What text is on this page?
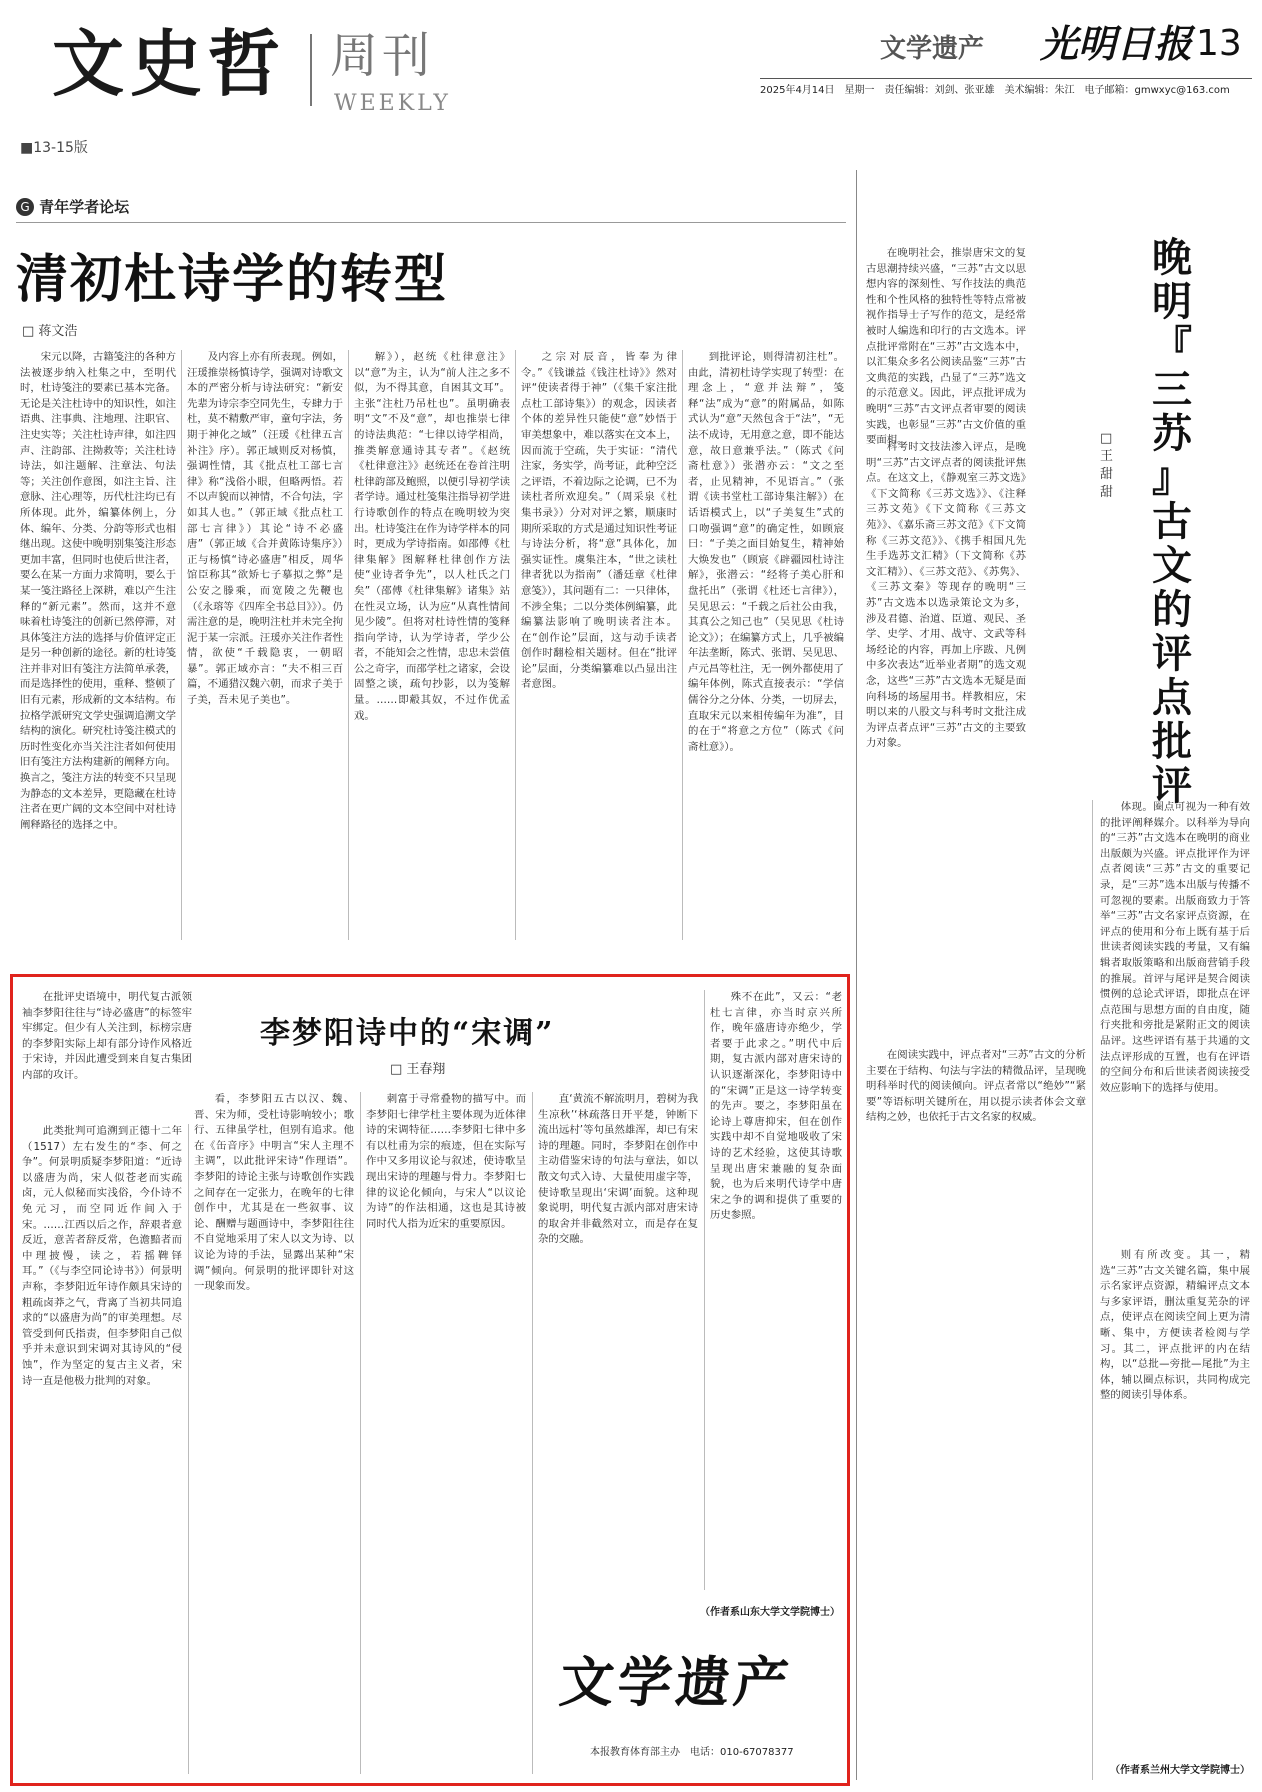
文史哲 周刊
WEEKLY
■13-15版
文学遗产 光明日报 13
2025年4月14日　星期一　责任编辑：刘剑、张亚雄　美术编辑：朱江　电子邮箱：gmwxyc@163.com
G 青年学者论坛
清初杜诗学的转型
□ 蒋文浩

宋元以降，古籍笺注的各种方法被逐步纳入杜集之中，至明代时，杜诗笺注的要素已基本完备。无论是关注杜诗中的知识性，如注语典、注事典、注地理、注职官、注史实等；关注杜诗声律，如注四声、注韵部、注拗救等；关注杜诗诗法，如注题解、注章法、句法等；关注创作意图，如注主旨、注意脉、注心理等，历代杜注均已有所体现。此外，编纂体例上，分体、编年、分类、分韵等形式也相继出现。这使中晚明别集笺注形态更加丰富，但同时也使后世注者，要么在某一方面力求简明，要么于某一笺注路径上深耕，难以产生注释的“新元素”。然而，这并不意味着杜诗笺注的创新已然停滞，对具体笺注方法的选择与价值评定正是另一种创新的途径。新的杜诗笺注并非对旧有笺注方法简单承袭，而是选择性的使用，重释、整顿了旧有元素，形成新的文本结构。布拉格学派研究文学史强调追溯文学结构的演化。研究杜诗笺注模式的历时性变化亦当关注注者如何使用旧有笺注方法构建新的阐释方向。换言之，笺注方法的转变不只呈现为静态的文本差异，更隐藏在杜诗注者在更广阔的文本空间中对杜诗阐释路径的选择之中。

及内容上亦有所表现。例如，汪瑗推崇杨慎诗学，强调对诗歌文本的严密分析与诗法研究：“新安先辈为诗宗李空同先生，专肆力于杜，莫不精敷严审，童句字法，务期于神化之域”（汪瑗《杜律五言补注》序）。郭正域则反对杨慎，强调性情，其《批点杜工部七言律》称“浅俗小眼，但略两悟。若不以声貌而以神情，不合句法，字如其人也。”（郭正域《批点杜工部七言律》）其论“诗不必盛唐”（郭正域《合并黄陈诗集序》）正与杨慎“诗必盛唐”相反，周华馆臣称其“欲矫七子摹拟之弊”是公安之滕乘，而宽陵之先鞭也（《永瑢等《四库全书总目》》）。仍需注意的是，晚明注杜并未完全拘泥于某一宗派。汪瑗亦关注作者性情，欲使“千载隐衷，一朝昭暴”。郭正域亦言：“夫不相三百篇，不通猎汉魏六朝，而求子美于子美，吾未见子美也”。

解》），赵统《杜律意注》以“意”为主，认为“前人注之多不似，为不得其意，自困其文耳”。主张“注杜乃吊杜也”。虽明确表明“文”不及“意”，却也推崇七律的诗法典范：“七律以诗学相尚，推类解意通诗其专者”。《赵统《杜律意注》》赵统还在卷首注明杜律韵部及鲍照，以便引导初学读者学诗。通过杜笺集注指导初学进行诗歌创作的特点在晚明较为突出。杜诗笺注在作为诗学样本的同时，更成为学诗指南。如邵傅《杜律集解》图解释杜律创作方法使“业诗者争先”，以人杜氏之门矣”（邵傅《杜律集解》诸集》站在性灵立场，认为应“从真性情间见少陵”。但将对杜诗性情的笺释指向学诗，认为学诗者，学少公者，不能知会之性情，忠忠未尝值公之奇字，而邵学杜之诸家，会设固整之谈，疏句抄影，以为笺解量。……即觳其奴，不过作优孟戏。

之宗对辰音，皆奉为律令。”《钱谦益《钱注杜诗》》然对评“使读者得于神”（《集千家注批点杜工部诗集》）的观念，因读者个体的差异性只能使“意”妙悟于审美想象中，难以落实在文本上，因而流于空疏，失于实证：“清代注家，务实学，尚考证，此种空泛之评语，不着边际之论调，已不为读杜者所欢迎矣。”（周采泉《杜集书录》）分对对评之繁，顺康时期所采取的方式是通过知识性考证与诗法分析，将“意”具体化，加强实证性。虞集注本，“世之读杜律者犹以为指南”（潘廷章《杜律意笺》），其问题有二：一只律体，不涉全集；二以分类体例编纂，此编纂法影响了晚明读者注本。在“创作论”层面，这与动手读者创作时翻检相关题材。但在“批评论”层面，分类编纂难以凸显出注者意图。

到批评论，则得清初注杜”。由此，清初杜诗学实现了转型：在理念上，“意并法辩”，笺释“法”成为“意”的附属品，如陈式认为“意”天然包含于“法”，“无法不成诗，无用意之意，即不能达意，故日意兼乎法。”（陈式《问斋杜意》）张潜亦云：“文之至者，止见精神，不见语言。”（张谓《读书堂杜工部诗集注解》）在话语模式上，以“子美复生”式的口吻强调“意”的确定性，如顾宸曰：“子美之面目始复生，精神始大焕发也”（顾宸《辟疆园杜诗注解》，张潜云：“经将子美心肝和盘托出”（张谓《杜还七言律》），吴见思云：“千载之后社公由我，其真公之知己也”（吴见思《杜诗论文》）；在编纂方式上，几乎被编年法垄断，陈式、张谓、吴见思、卢元昌等杜注，无一例外都使用了编年体例，陈式直接表示：“学信儒谷分之分体、分类，一切屏去，直取宋元以来相传编年为准”，目的在于“将意之方位”（陈式《问斋杜意》）。

在晚明社会，推崇唐宋文的复古思潮持续兴盛，“三苏”古文以思想内容的深刻性、写作技法的典范性和个性风格的独特性等特点常被视作指导士子写作的范文，是经常被时人编选和印行的古文选本。评点批评常附在“三苏”古文选本中，以汇集众多名公阅读品鉴“三苏”古文典范的实践，凸显了“三苏”选文的示范意义。因此，评点批评成为晚明“三苏”古文评点者审要的阅读实践，也彰显“三苏”古文价值的重要面相。

晚
明
『
三
苏
』
古
文
的
评
点
批
评
□ 王甜甜

科考时文技法渗入评点，是晚明“三苏”古文评点者的阅读批评焦点。在这文上，《静观室三苏文选》《下文简称《三苏文选》》、《注释三苏文苑》《下文简称《三苏文苑》》、《嘉乐斋三苏文范》《下文简称《三苏文范》》、《携手相国凡先生手选苏文汇精》（下文简称《苏文汇精》）、《三苏文范》、《苏隽》、《三苏文秦》等现存的晚明“三苏”古文选本以选录策论文为多，涉及君德、治道、臣道、观民、圣学、史学、才用、战守、文武等科场经论的内容，再加上序跋、凡例中多次表达“近举业者期”的选文观念，这些“三苏”古文选本无疑是面向科场的场屋用书。样教相应，宋明以来的八股文与科考时文批注成为评点者点评“三苏”古文的主要致力对象。

体现。圈点可视为一种有效的批评阐释媒介。以科举为导向的“三苏”古文选本在晚明的商业出版颇为兴盛。评点批评作为评点者阅读“三苏”古文的重要记录，是“三苏”选本出版与传播不可忽视的要素。出版商致力于答举“三苏”古文名家评点资源，在评点的使用和分布上既有基于后世读者阅读实践的考量，又有编辑者取版策略和出版商营销手段的推展。首评与尾评是契合阅读惯例的总论式评语，即批点在评点范围与思想方面的自由度，随行夹批和旁批是紧附正文的阅读品评。这些评语有基于共通的文法点评形成的互置，也有在评语的空间分布和后世读者阅读接受效应影响下的选择与使用。

在阅读实践中，评点者对“三苏”古文的分析主要在于结构、句法与字法的精微品评，呈现晚明科举时代的阅读倾向。评点者常以“绝妙”“紧要”等语标明关键所在，用以提示读者体会文章结构之妙，也依托于古文名家的权威。

则有所改变。其一，精选“三苏”古文关键名篇，集中展示名家评点资源，精编评点文本与多家评语，删汰重复芜杂的评点，使评点在阅读空间上更为清晰、集中，方便读者检阅与学习。其二，评点批评的内在结构，以“总批—旁批—尾批”为主体，辅以圈点标识，共同构成完整的阅读引导体系。

（作者系兰州大学文学院博士）

在批评史语境中，明代复古派领袖李梦阳往往与“诗必盛唐”的标签牢牢绑定。但少有人关注到，标榜宗唐的李梦阳实际上却有部分诗作风格近于宋诗，并因此遭受到来自复古集团内部的攻讦。

李梦阳诗中的“宋调”
□ 王春翔

此类批判可追溯到正德十二年（1517）左右发生的“李、何之争”。何景明质疑李梦阳道：“近诗以盛唐为尚，宋人似苍老而实疏卤，元人似秘而实浅俗，今仆诗不免元习，而空同近作间入于宋。……江西以后之作，辞艰者意反近，意苦者辞反常，色澹黯者而中理披慢，读之，若摇鞞铎耳。”（《与李空同论诗书》）何景明声称，李梦阳近年诗作颇具宋诗的粗疏卤莽之气，背离了当初共同追求的“以盛唐为尚”的审美理想。尽管受到何氏指责，但李梦阳自己似乎并未意识到宋调对其诗风的“侵蚀”，作为坚定的复古主义者，宋诗一直是他极力批判的对象。

看，李梦阳五古以汉、魏、晋、宋为师，受杜诗影响较小；歌行、五律虽学杜，但别有追求。他在《缶音序》中明言“宋人主理不主调”，以此批评宋诗“作理语”。李梦阳的诗论主张与诗歌创作实践之间存在一定张力，在晚年的七律创作中，尤其是在一些叙事、议论、酬赠与题画诗中，李梦阳往往不自觉地采用了宋人以文为诗、以议论为诗的手法，显露出某种“宋调”倾向。何景明的批评即针对这一现象而发。

刺富于寻常叠物的描写中。而李梦阳七律学杜主要体现为近体律诗的宋调特征……李梦阳七律中多有以杜甫为宗的痕迹，但在实际写作中又多用议论与叙述，使诗歌呈现出宋诗的理趣与骨力。李梦阳七律的议论化倾向，与宋人“以议论为诗”的作法相通，这也是其诗被同时代人指为近宋的重要原因。

直‘黄流不解流明月，碧树为我生凉秋’‘林疏落日开平楚，钟断下流出远村’等句虽然雄浑，却已有宋诗的理趣。同时，李梦阳在创作中主动借鉴宋诗的句法与章法，如以散文句式入诗、大量使用虚字等，使诗歌呈现出‘宋调’面貌。这种现象说明，明代复古派内部对唐宋诗的取舍并非截然对立，而是存在复杂的交融。

殊不在此”，又云：“老杜七言律，亦当时京兴所作，晚年盛唐诗亦绝少，学者要于此求之。”明代中后期，复古派内部对唐宋诗的认识逐渐深化，李梦阳诗中的“宋调”正是这一诗学转变的先声。要之，李梦阳虽在论诗上尊唐抑宋，但在创作实践中却不自觉地吸收了宋诗的艺术经验，这使其诗歌呈现出唐宋兼融的复杂面貌，也为后来明代诗学中唐宋之争的调和提供了重要的历史参照。

（作者系山东大学文学院博士）
文学遗产
本报教育体育部主办　电话：010-67078377
